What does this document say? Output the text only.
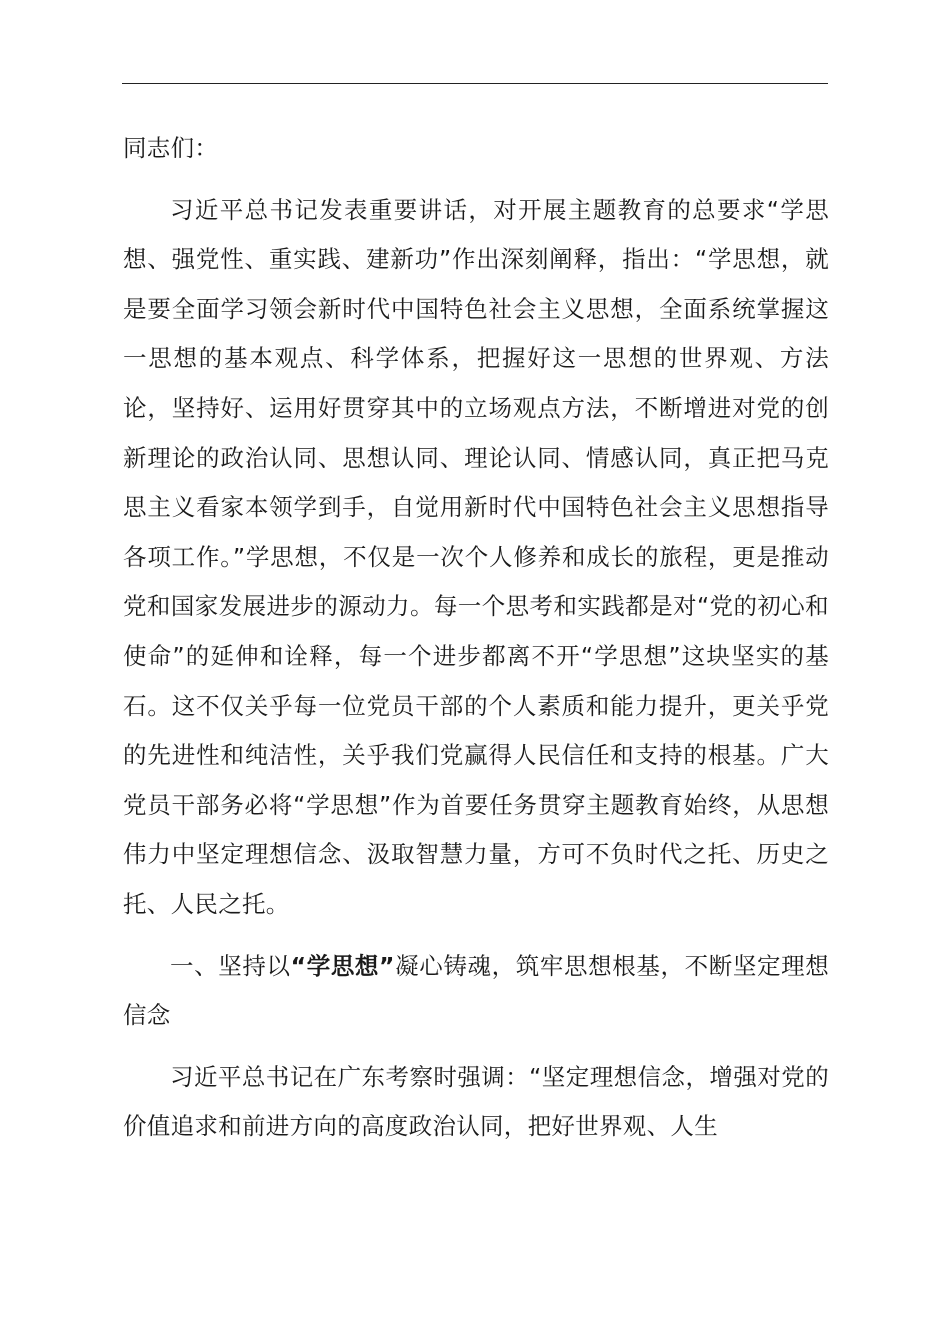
同志们：

习近平总书记发表重要讲话，对开展主题教育的总要求“学思想、强党性、重实践、建新功”作出深刻阐释，指出：“学思想，就是要全面学习领会新时代中国特色社会主义思想，全面系统掌握这一思想的基本观点、科学体系，把握好这一思想的世界观、方法论，坚持好、运用好贯穿其中的立场观点方法，不断增进对党的创新理论的政治认同、思想认同、理论认同、情感认同，真正把马克思主义看家本领学到手，自觉用新时代中国特色社会主义思想指导各项工作。”学思想，不仅是一次个人修养和成长的旅程，更是推动党和国家发展进步的源动力。每一个思考和实践都是对“党的初心和使命”的延伸和诠释，每一个进步都离不开“学思想”这块坚实的基石。这不仅关乎每一位党员干部的个人素质和能力提升，更关乎党的先进性和纯洁性，关乎我们党赢得人民信任和支持的根基。广大党员干部务必将“学思想”作为首要任务贯穿主题教育始终，从思想伟力中坚定理想信念、汲取智慧力量，方可不负时代之托、历史之托、人民之托。

一、坚持以“学思想”凝心铸魂，筑牢思想根基，不断坚定理想信念

习近平总书记在广东考察时强调：“坚定理想信念，增强对党的价值追求和前进方向的高度政治认同，把好世界观、人生
